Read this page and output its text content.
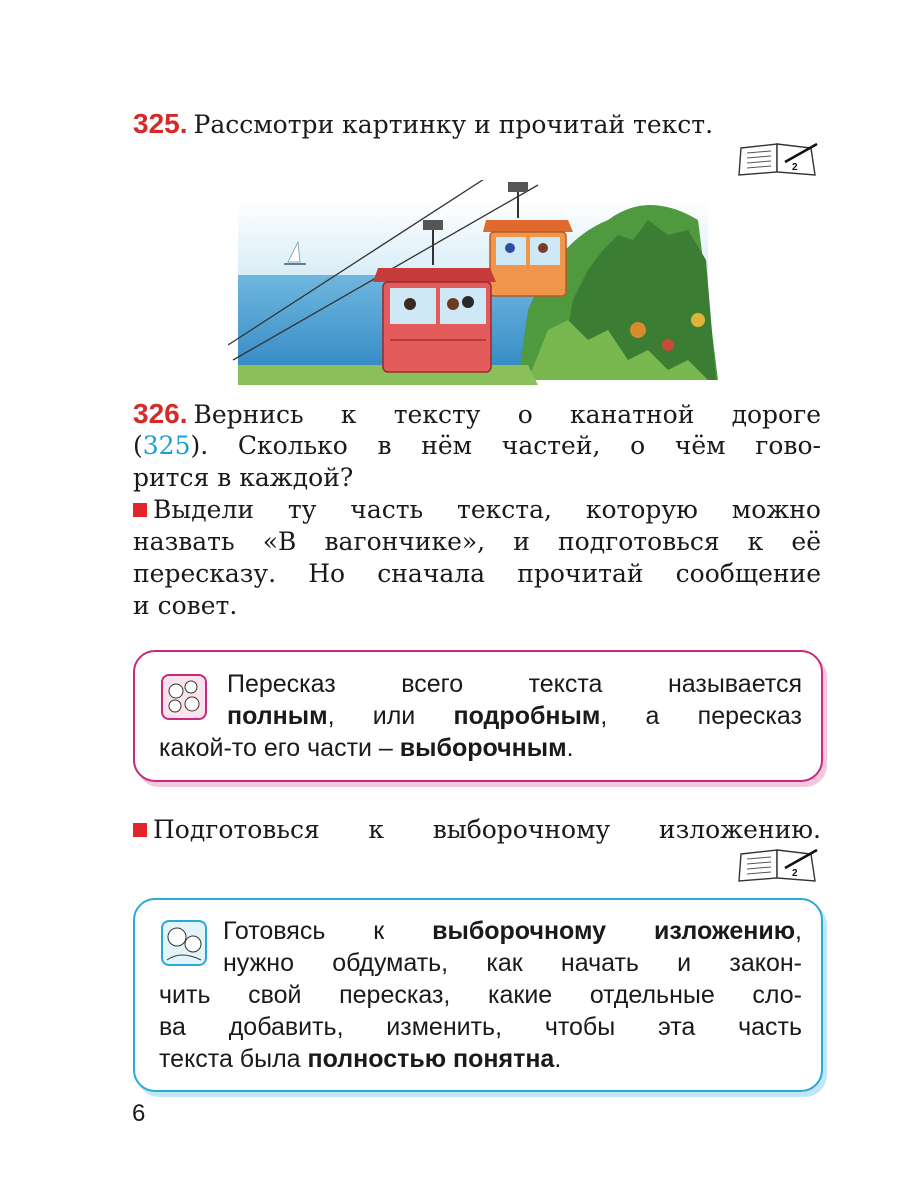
325. Рассмотри картинку и прочитай текст.
2
326. Вернись к тексту о канатной дороге
(325). Сколько в нём частей, о чём гово-
рится в каждой?
Выдели ту часть текста, которую можно
назвать «В вагончике», и подготовься к её
пересказу. Но сначала прочитай сообщение
и совет.
Пересказ всего текста называется
полным, или подробным, а пересказ
какой-то его части – выборочным.
Подготовься к выборочному изложению.
2
Готовясь к выборочному изложению,
нужно обдумать, как начать и закон-
чить свой пересказ, какие отдельные сло-
ва добавить, изменить, чтобы эта часть
текста была полностью понятна.
6
